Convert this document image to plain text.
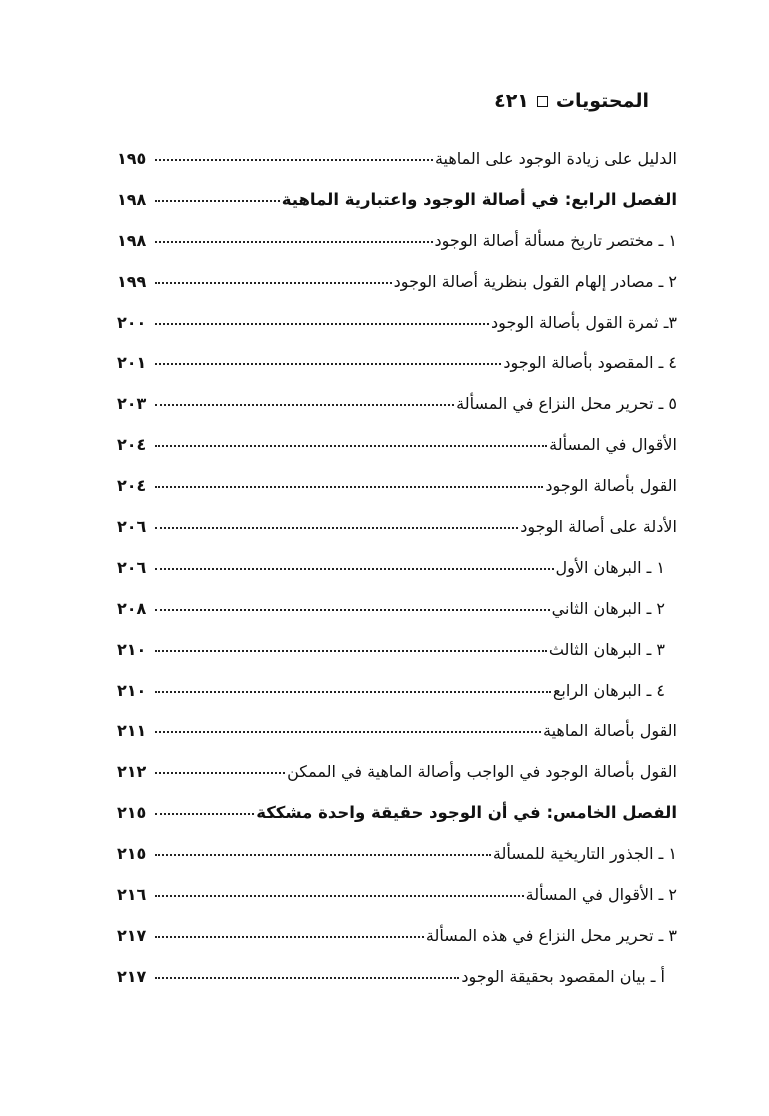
المحتويات
٤٢١
الدليل على زيادة الوجود على الماهية
١٩٥
الفصل الرابع: في أصالة الوجود واعتبارية الماهية
١٩٨
١ ـ مختصر تاريخ مسألة أصالة الوجود
١٩٨
٢ ـ مصادر إلهام القول بنظرية أصالة الوجود
١٩٩
٣ـ ثمرة القول بأصالة الوجود
٢٠٠
٤ ـ المقصود بأصالة الوجود
٢٠١
٥ ـ تحرير محل النزاع في المسألة
٢٠٣
الأقوال في المسألة
٢٠٤
القول بأصالة الوجود
٢٠٤
الأدلة على أصالة الوجود
٢٠٦
١ ـ البرهان الأول
٢٠٦
٢ ـ البرهان الثاني
٢٠٨
٣ ـ البرهان الثالث
٢١٠
٤ ـ البرهان الرابع
٢١٠
القول بأصالة الماهية
٢١١
القول بأصالة الوجود في الواجب وأصالة الماهية في الممكن
٢١٢
الفصل الخامس: في أن الوجود حقيقة واحدة مشككة
٢١٥
١ ـ الجذور التاريخية للمسألة
٢١٥
٢ ـ الأقوال في المسألة
٢١٦
٣ ـ تحرير محل النزاع في هذه المسألة
٢١٧
أ ـ بيان المقصود بحقيقة الوجود
٢١٧
